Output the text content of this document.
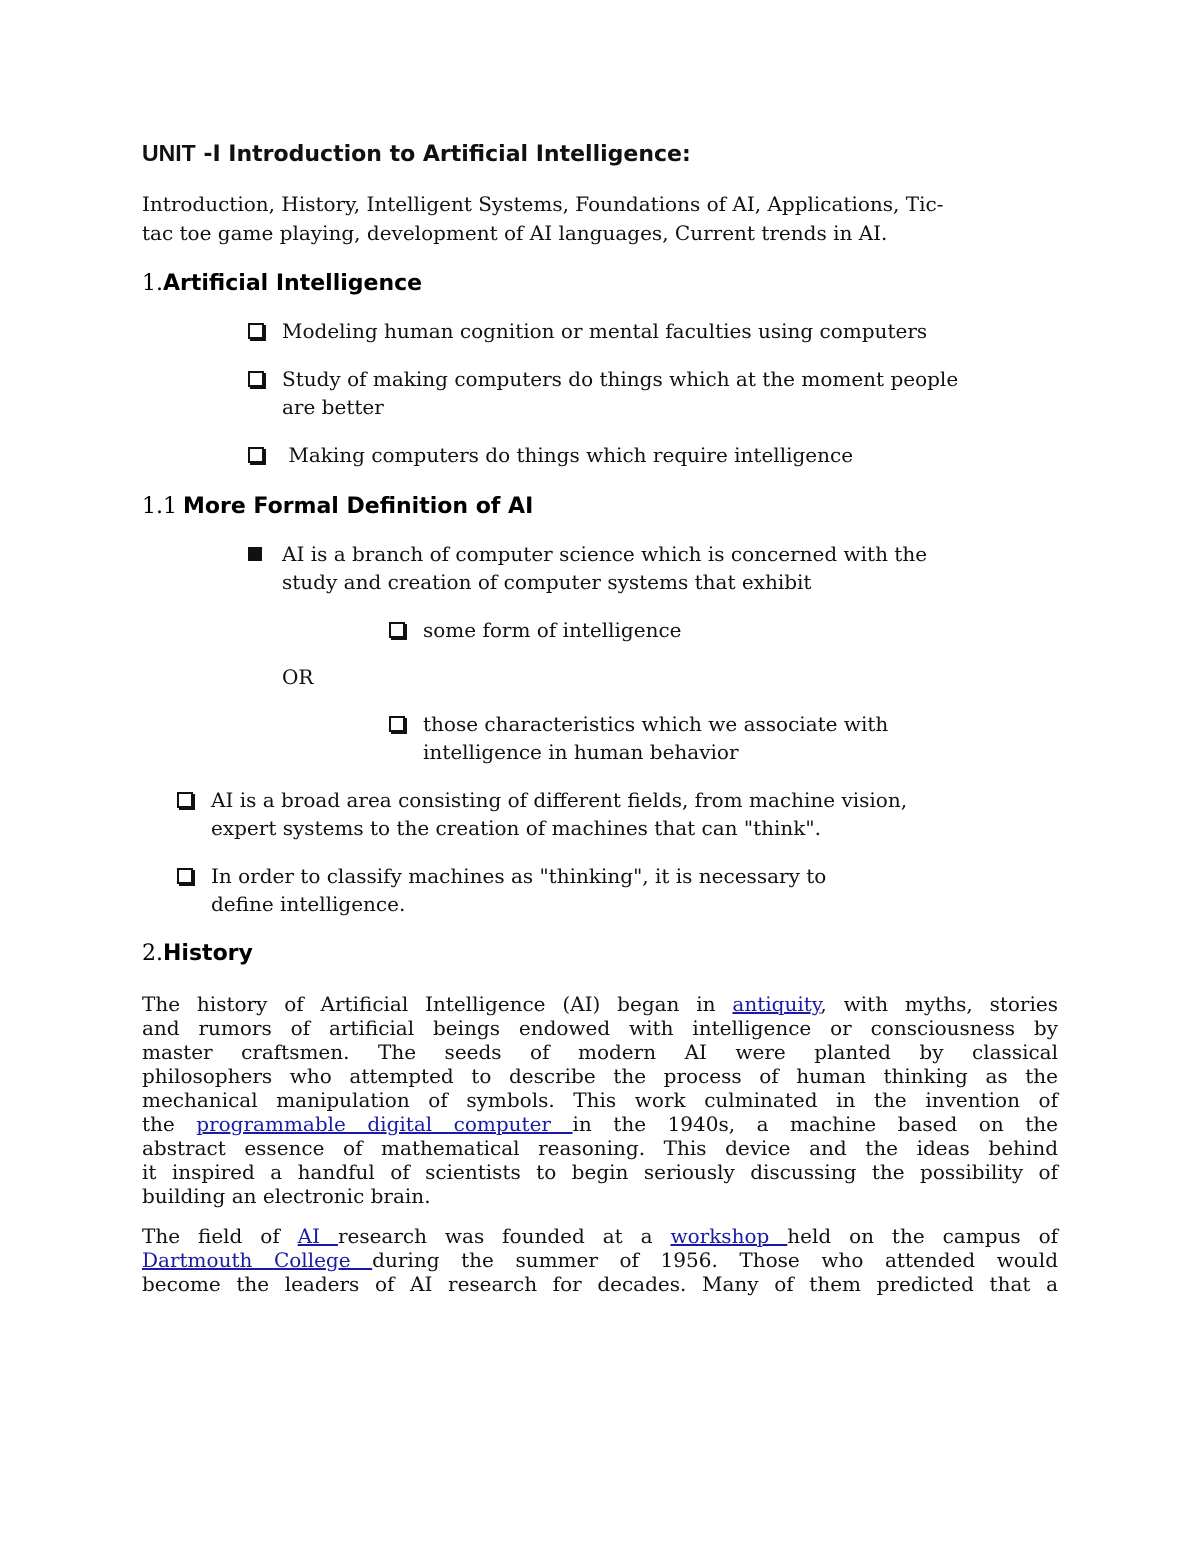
UNIT -I Introduction to Artificial Intelligence:
Introduction, History, Intelligent Systems, Foundations of AI, Applications, Tic-
tac toe game playing, development of AI languages, Current trends in AI.
1.Artificial Intelligence
Modeling human cognition or mental faculties using computers
Study of making computers do things which at the moment people
are better
Making computers do things which require intelligence
1.1 More Formal Definition of AI
AI is a branch of computer science which is concerned with the
study and creation of computer systems that exhibit
some form of intelligence
OR
those characteristics which we associate with
intelligence in human behavior
AI is a broad area consisting of different fields, from machine vision,
expert systems to the creation of machines that can "think".
In order to classify machines as "thinking", it is necessary to
define intelligence.
2.History
The history of Artificial Intelligence (AI) began in antiquity, with myths, stories
and rumors of artificial beings endowed with intelligence or consciousness by
master craftsmen. The seeds of modern AI were planted by classical
philosophers who attempted to describe the process of human thinking as the
mechanical manipulation of symbols. This work culminated in the invention of
the programmable digital computer in the 1940s, a machine based on the
abstract essence of mathematical reasoning. This device and the ideas behind
it inspired a handful of scientists to begin seriously discussing the possibility of
building an electronic brain.
The field of AI research was founded at a workshop held on the campus of
Dartmouth College during the summer of 1956. Those who attended would
become the leaders of AI research for decades. Many of them predicted that a
